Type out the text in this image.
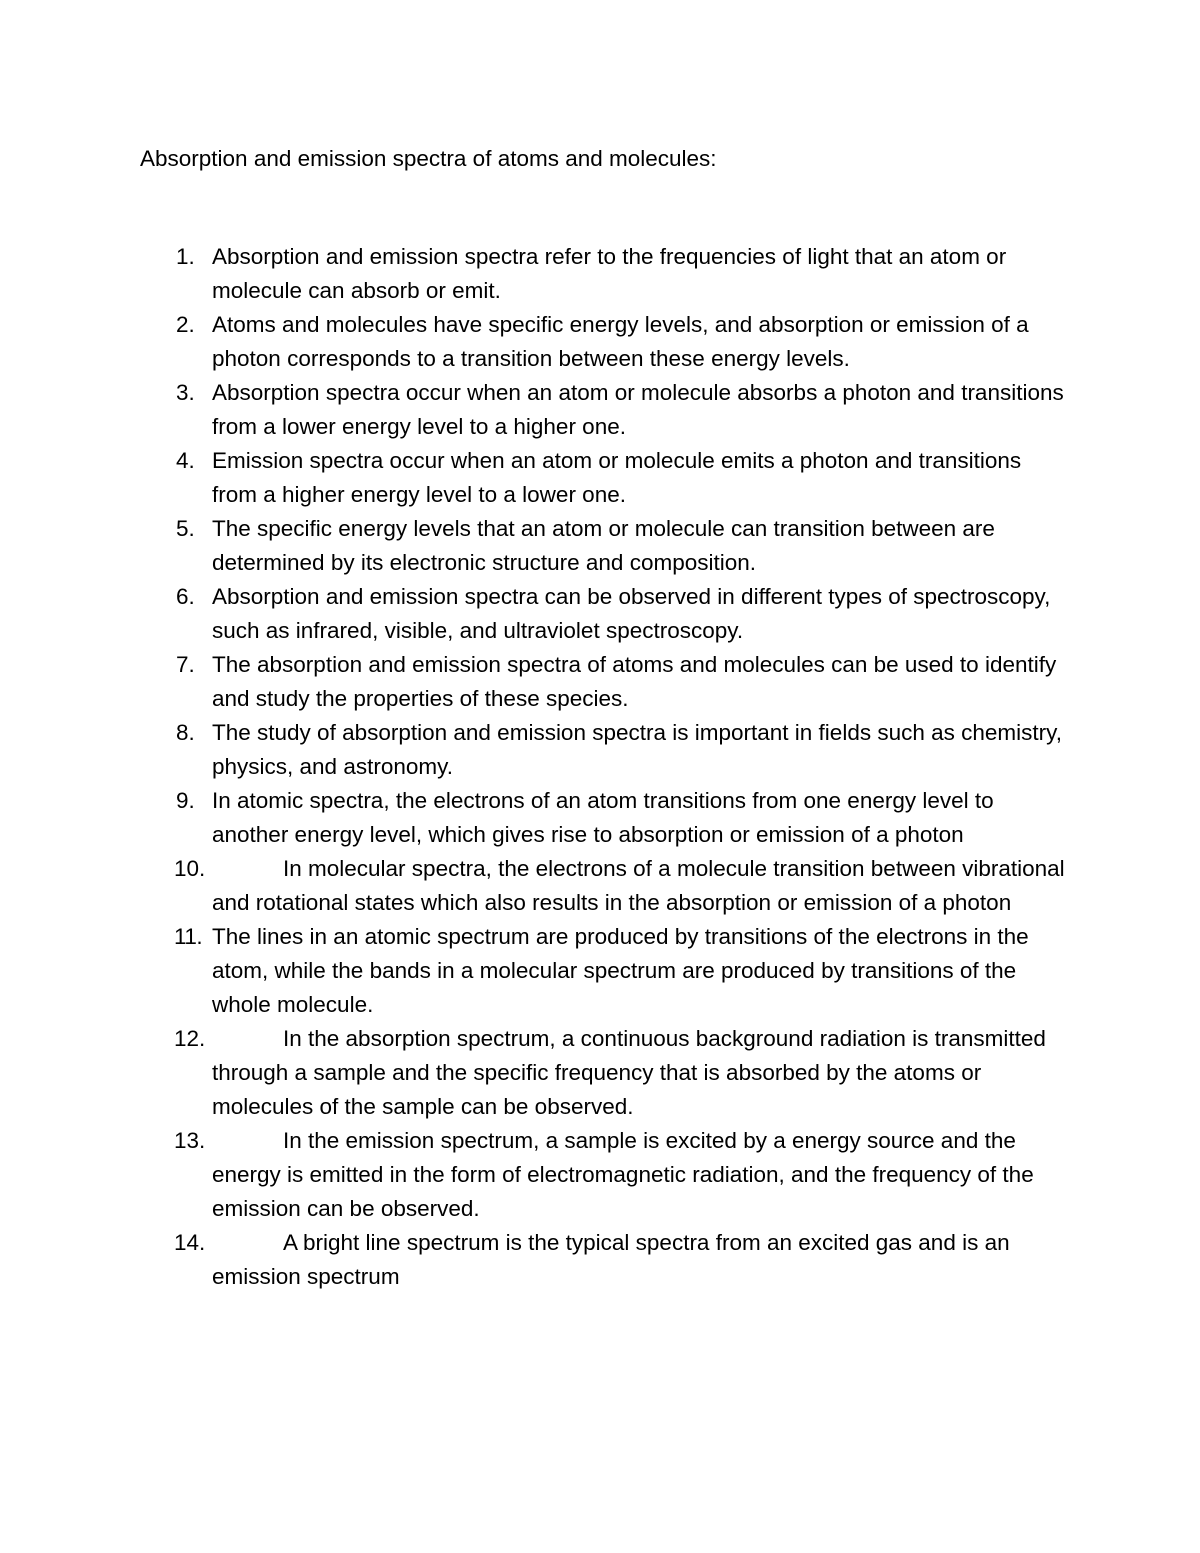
Absorption and emission spectra of atoms and molecules:
1. Absorption and emission spectra refer to the frequencies of light that an atom or molecule can absorb or emit.
2. Atoms and molecules have specific energy levels, and absorption or emission of a photon corresponds to a transition between these energy levels.
3. Absorption spectra occur when an atom or molecule absorbs a photon and transitions from a lower energy level to a higher one.
4. Emission spectra occur when an atom or molecule emits a photon and transitions from a higher energy level to a lower one.
5. The specific energy levels that an atom or molecule can transition between are determined by its electronic structure and composition.
6. Absorption and emission spectra can be observed in different types of spectroscopy, such as infrared, visible, and ultraviolet spectroscopy.
7. The absorption and emission spectra of atoms and molecules can be used to identify and study the properties of these species.
8. The study of absorption and emission spectra is important in fields such as chemistry, physics, and astronomy.
9. In atomic spectra, the electrons of an atom transitions from one energy level to another energy level, which gives rise to absorption or emission of a photon
10.	In molecular spectra, the electrons of a molecule transition between vibrational and rotational states which also results in the absorption or emission of a photon
11. The lines in an atomic spectrum are produced by transitions of the electrons in the atom, while the bands in a molecular spectrum are produced by transitions of the whole molecule.
12.	In the absorption spectrum, a continuous background radiation is transmitted through a sample and the specific frequency that is absorbed by the atoms or molecules of the sample can be observed.
13.	In the emission spectrum, a sample is excited by a energy source and the energy is emitted in the form of electromagnetic radiation, and the frequency of the emission can be observed.
14.	A bright line spectrum is the typical spectra from an excited gas and is an emission spectrum
